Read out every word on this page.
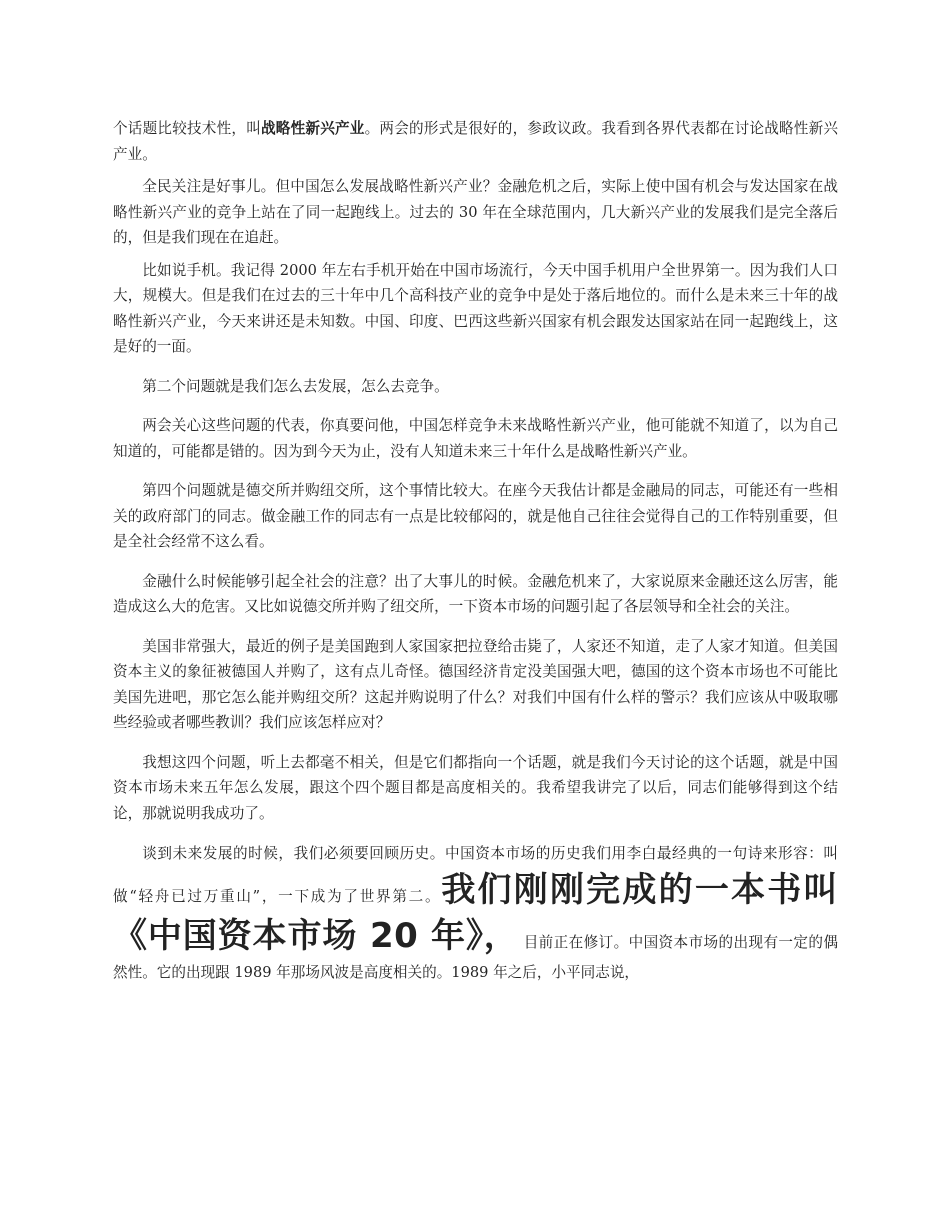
个话题比较技术性，叫战略性新兴产业。两会的形式是很好的，参政议政。我看到各界代表都在讨论战略性新兴产业。

全民关注是好事儿。但中国怎么发展战略性新兴产业？金融危机之后，实际上使中国有机会与发达国家在战略性新兴产业的竞争上站在了同一起跑线上。过去的 30 年在全球范围内，几大新兴产业的发展我们是完全落后的，但是我们现在在追赶。

比如说手机。我记得 2000 年左右手机开始在中国市场流行，今天中国手机用户全世界第一。因为我们人口大，规模大。但是我们在过去的三十年中几个高科技产业的竞争中是处于落后地位的。而什么是未来三十年的战略性新兴产业，今天来讲还是未知数。中国、印度、巴西这些新兴国家有机会跟发达国家站在同一起跑线上，这是好的一面。

第二个问题就是我们怎么去发展，怎么去竞争。

两会关心这些问题的代表，你真要问他，中国怎样竞争未来战略性新兴产业，他可能就不知道了，以为自己知道的，可能都是错的。因为到今天为止，没有人知道未来三十年什么是战略性新兴产业。

第四个问题就是德交所并购纽交所，这个事情比较大。在座今天我估计都是金融局的同志，可能还有一些相关的政府部门的同志。做金融工作的同志有一点是比较郁闷的，就是他自己往往会觉得自己的工作特别重要，但是全社会经常不这么看。

金融什么时候能够引起全社会的注意？出了大事儿的时候。金融危机来了，大家说原来金融还这么厉害，能造成这么大的危害。又比如说德交所并购了纽交所，一下资本市场的问题引起了各层领导和全社会的关注。

美国非常强大，最近的例子是美国跑到人家国家把拉登给击毙了，人家还不知道，走了人家才知道。但美国资本主义的象征被德国人并购了，这有点儿奇怪。德国经济肯定没美国强大吧，德国的这个资本市场也不可能比美国先进吧，那它怎么能并购纽交所？这起并购说明了什么？对我们中国有什么样的警示？我们应该从中吸取哪些经验或者哪些教训？我们应该怎样应对？

我想这四个问题，听上去都毫不相关，但是它们都指向一个话题，就是我们今天讨论的这个话题，就是中国资本市场未来五年怎么发展，跟这个四个题目都是高度相关的。我希望我讲完了以后，同志们能够得到这个结论，那就说明我成功了。

谈到未来发展的时候，我们必须要回顾历史。中国资本市场的历史我们用李白最经典的一句诗来形容：叫做“轻舟已过万重山”，一下成为了世界第二。我们刚刚完成的一本书叫《中国资本市场 20 年》， 目前正在修订。中国资本市场的出现有一定的偶然性。它的出现跟 1989 年那场风波是高度相关的。1989 年之后，小平同志说，
